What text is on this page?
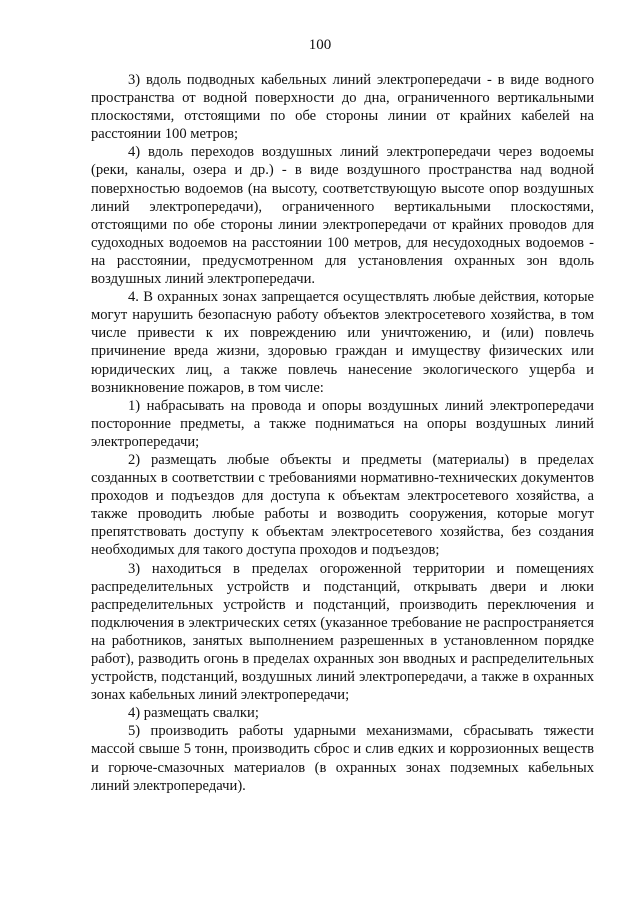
100

3) вдоль подводных кабельных линий электропередачи - в виде водного пространства от водной поверхности до дна, ограниченного вертикальными плоскостями, отстоящими по обе стороны линии от крайних кабелей на расстоянии 100 метров;

4) вдоль переходов воздушных линий электропередачи через водоемы (реки, каналы, озера и др.) - в виде воздушного пространства над водной поверхностью водоемов (на высоту, соответствующую высоте опор воздушных линий электропередачи), ограниченного вертикальными плоскостями, отстоящими по обе стороны линии электропередачи от крайних проводов для судоходных водоемов на расстоянии 100 метров, для несудоходных водоемов - на расстоянии, предусмотренном для установления охранных зон вдоль воздушных линий электропередачи.

4. В охранных зонах запрещается осуществлять любые действия, которые могут нарушить безопасную работу объектов электросетевого хозяйства, в том числе привести к их повреждению или уничтожению, и (или) повлечь причинение вреда жизни, здоровью граждан и имуществу физических или юридических лиц, а также повлечь нанесение экологического ущерба и возникновение пожаров, в том числе:

1) набрасывать на провода и опоры воздушных линий электропередачи посторонние предметы, а также подниматься на опоры воздушных линий электропередачи;

2) размещать любые объекты и предметы (материалы) в пределах созданных в соответствии с требованиями нормативно-технических документов проходов и подъездов для доступа к объектам электросетевого хозяйства, а также проводить любые работы и возводить сооружения, которые могут препятствовать доступу к объектам электросетевого хозяйства, без создания необходимых для такого доступа проходов и подъездов;

3) находиться в пределах огороженной территории и помещениях распределительных устройств и подстанций, открывать двери и люки распределительных устройств и подстанций, производить переключения и подключения в электрических сетях (указанное требование не распространяется на работников, занятых выполнением разрешенных в установленном порядке работ), разводить огонь в пределах охранных зон вводных и распределительных устройств, подстанций, воздушных линий электропередачи, а также в охранных зонах кабельных линий электропередачи;

4) размещать свалки;

5) производить работы ударными механизмами, сбрасывать тяжести массой свыше 5 тонн, производить сброс и слив едких и коррозионных веществ и горюче-смазочных материалов (в охранных зонах подземных кабельных линий электропередачи).
